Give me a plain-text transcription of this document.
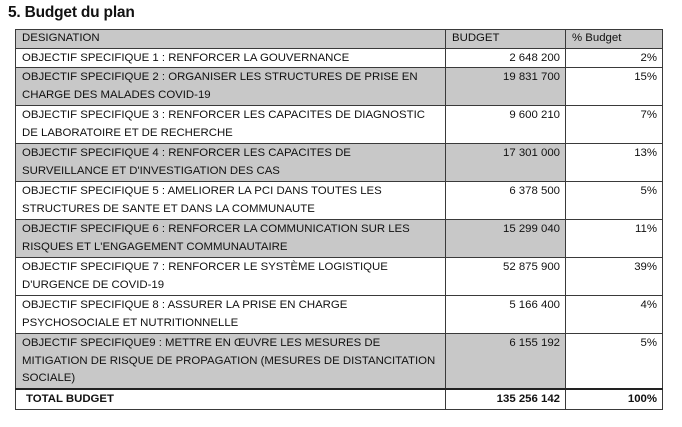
5. Budget du plan
DESIGNATION	BUDGET	% Budget
OBJECTIF SPECIFIQUE 1 : RENFORCER LA GOUVERNANCE	2 648 200	2%
OBJECTIF SPECIFIQUE 2 : ORGANISER LES STRUCTURES DE PRISE EN CHARGE DES MALADES COVID-19	19 831 700	15%
OBJECTIF SPECIFIQUE 3 : RENFORCER LES CAPACITES DE DIAGNOSTIC DE LABORATOIRE ET DE RECHERCHE	9 600 210	7%
OBJECTIF SPECIFIQUE 4 : RENFORCER LES CAPACITES DE SURVEILLANCE ET D'INVESTIGATION DES CAS	17 301 000	13%
OBJECTIF SPECIFIQUE 5 : AMELIORER LA PCI DANS TOUTES LES STRUCTURES DE SANTE ET DANS LA COMMUNAUTE	6 378 500	5%
OBJECTIF SPECIFIQUE 6 : RENFORCER LA COMMUNICATION SUR LES RISQUES ET L'ENGAGEMENT COMMUNAUTAIRE	15 299 040	11%
OBJECTIF SPECIFIQUE 7 : RENFORCER LE SYSTÈME LOGISTIQUE D'URGENCE DE COVID-19	52 875 900	39%
OBJECTIF SPECIFIQUE 8 : ASSURER LA PRISE EN CHARGE PSYCHOSOCIALE ET NUTRITIONNELLE	5 166 400	4%
OBJECTIF SPECIFIQUE9 : METTRE EN ŒUVRE LES MESURES DE MITIGATION DE RISQUE DE PROPAGATION (MESURES DE DISTANCITATION SOCIALE)	6 155 192	5%
TOTAL BUDGET	135 256 142	100%
